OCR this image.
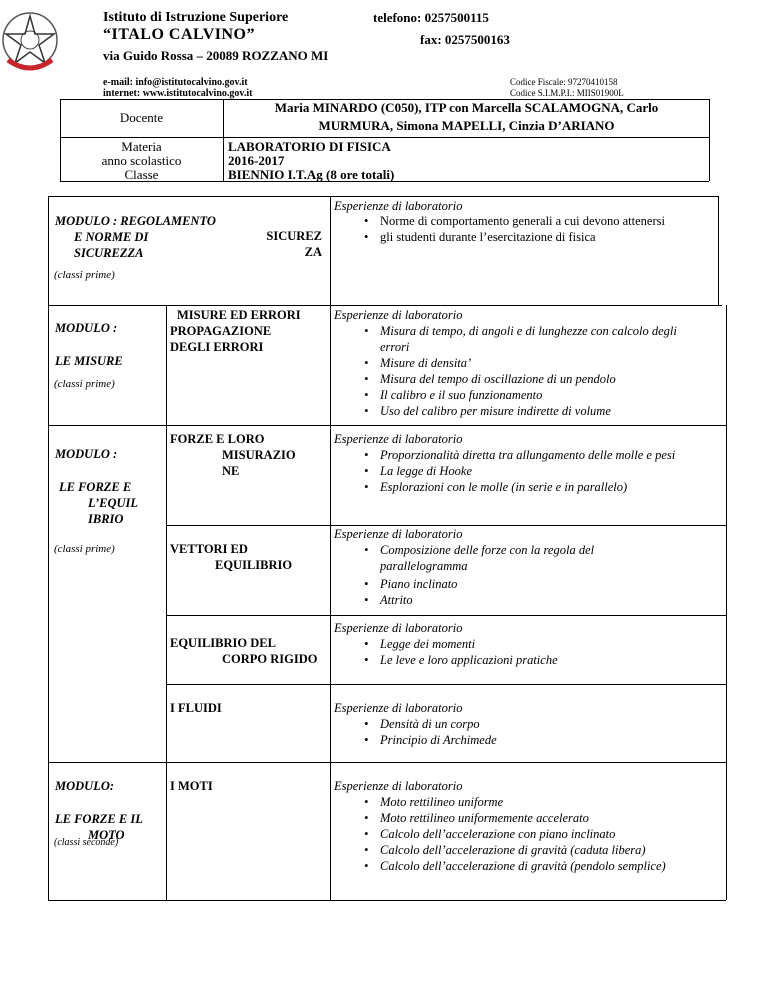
Istituto di Istruzione Superiore
“ITALO CALVINO”
via Guido Rossa – 20089 ROZZANO MI
telefono: 0257500115
fax: 0257500163
e-mail: info@istitutocalvino.gov.it
internet: www.istitutocalvino.gov.it
Codice Fiscale: 97270410158
Codice S.I.M.P.I.: MIIS01900L
Docente
Maria MINARDO (C050), ITP con Marcella SCALAMOGNA, Carlo
MURMURA, Simona MAPELLI, Cinzia D’ARIANO
Materia
anno scolastico
Classe
LABORATORIO DI FISICA
2016-2017
BIENNIO I.T.Ag (8 ore totali)
MODULO : REGOLAMENTO
E NORME DI
SICUREZZA
(classi prime)
SICUREZ
ZA
Esperienze di laboratorio
• Norme di comportamento generali a cui devono attenersi
• gli studenti durante l’esercitazione di fisica
MODULO :
LE MISURE
(classi prime)
MISURE ED ERRORI
PROPAGAZIONE
DEGLI ERRORI
Esperienze di laboratorio
• Misura di tempo, di angoli e di lunghezze con calcolo degli
errori
• Misure di densita’
• Misura del tempo di oscillazione di un pendolo
• Il calibro e il suo funzionamento
• Uso del calibro per misure indirette di volume
MODULO :
LE FORZE E
L’EQUIL
IBRIO
(classi prime)
FORZE E LORO
MISURAZIO
NE
Esperienze di laboratorio
• Proporzionalità diretta tra allungamento delle molle e pesi
• La legge di Hooke
• Esplorazioni con le molle (in serie e in parallelo)
VETTORI ED
EQUILIBRIO
Esperienze di laboratorio
• Composizione delle forze con la regola del
parallelogramma
• Piano inclinato
• Attrito
EQUILIBRIO DEL
CORPO RIGIDO
Esperienze di laboratorio
• Legge dei momenti
• Le leve e loro applicazioni pratiche
I FLUIDI	Esperienze di laboratorio
• Densità di un corpo
• Principio di Archimede
MODULO:
LE FORZE E IL
MOTO
(classi seconde)
I MOTI	Esperienze di laboratorio
• Moto rettilineo uniforme
• Moto rettilineo uniformemente accelerato
• Calcolo dell’accelerazione con piano inclinato
• Calcolo dell’accelerazione di gravità (caduta libera)
• Calcolo dell’accelerazione di gravità (pendolo semplice)
